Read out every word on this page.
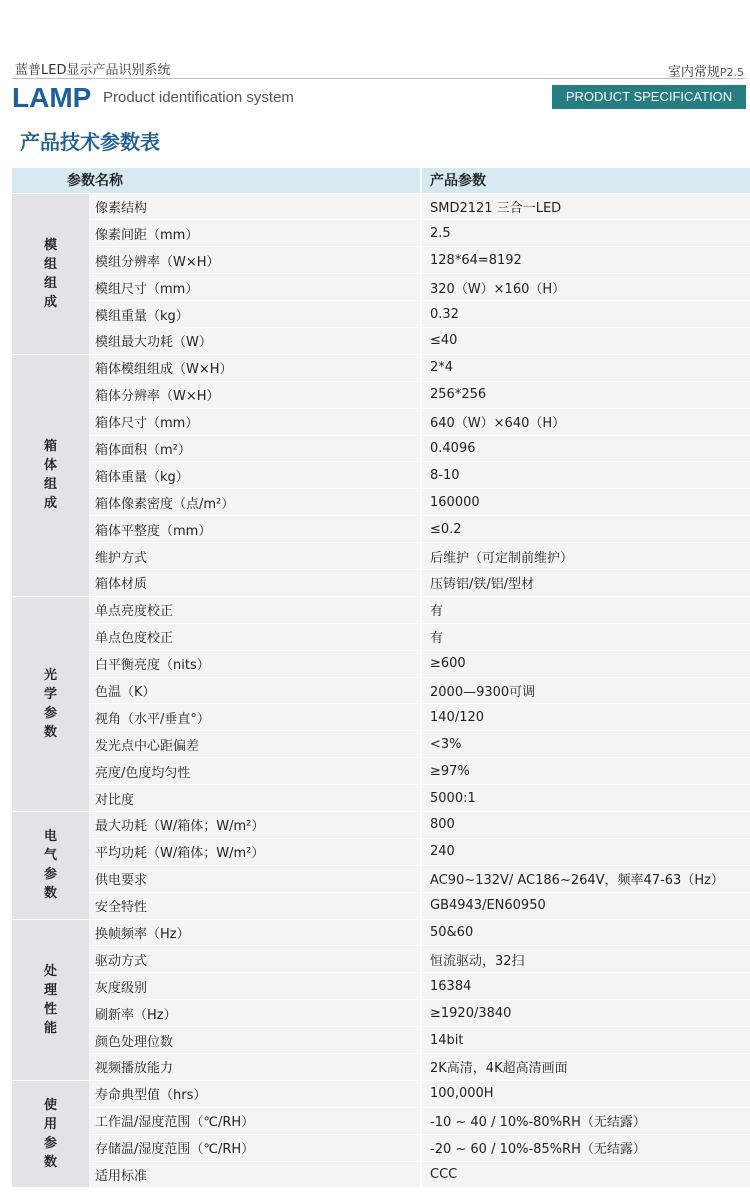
蓝普LED显示产品识别系统	室内常规P2.5
LAMP Product identification system	PRODUCT SPECIFICATION
产品技术参数表
参数名称		产品参数
模组组成	像素结构	SMD2121 三合一LED
	像素间距（mm）	2.5
	模组分辨率（W×H）	128*64=8192
	模组尺寸（mm）	320（W）×160（H）
	模组重量（kg）	0.32
	模组最大功耗（W）	≤40
箱体组成	箱体模组组成（W×H）	2*4
	箱体分辨率（W×H）	256*256
	箱体尺寸（mm）	640（W）×640（H）
	箱体面积（m²）	0.4096
	箱体重量（kg）	8-10
	箱体像素密度（点/m²）	160000
	箱体平整度（mm）	≤0.2
	维护方式	后维护（可定制前维护）
	箱体材质	压铸铝/铁/铝/型材
光学参数	单点亮度校正	有
	单点色度校正	有
	白平衡亮度（nits）	≥600
	色温（K）	2000—9300可调
	视角（水平/垂直°）	140/120
	发光点中心距偏差	<3%
	亮度/色度均匀性	≥97%
	对比度	5000:1
电气参数	最大功耗（W/箱体；W/m²）	800
	平均功耗（W/箱体；W/m²）	240
	供电要求	AC90~132V/ AC186~264V，频率47-63（Hz）
	安全特性	GB4943/EN60950
处理性能	换帧频率（Hz）	50&60
	驱动方式	恒流驱动，32扫
	灰度级别	16384
	刷新率（Hz）	≥1920/3840
	颜色处理位数	14bit
	视频播放能力	2K高清，4K超高清画面
使用参数	寿命典型值（hrs）	100,000H
	工作温/湿度范围（℃/RH）	-10 ~ 40 / 10%-80%RH（无结露）
	存储温/湿度范围（℃/RH）	-20 ~ 60 / 10%-85%RH（无结露）
	适用标准	CCC
